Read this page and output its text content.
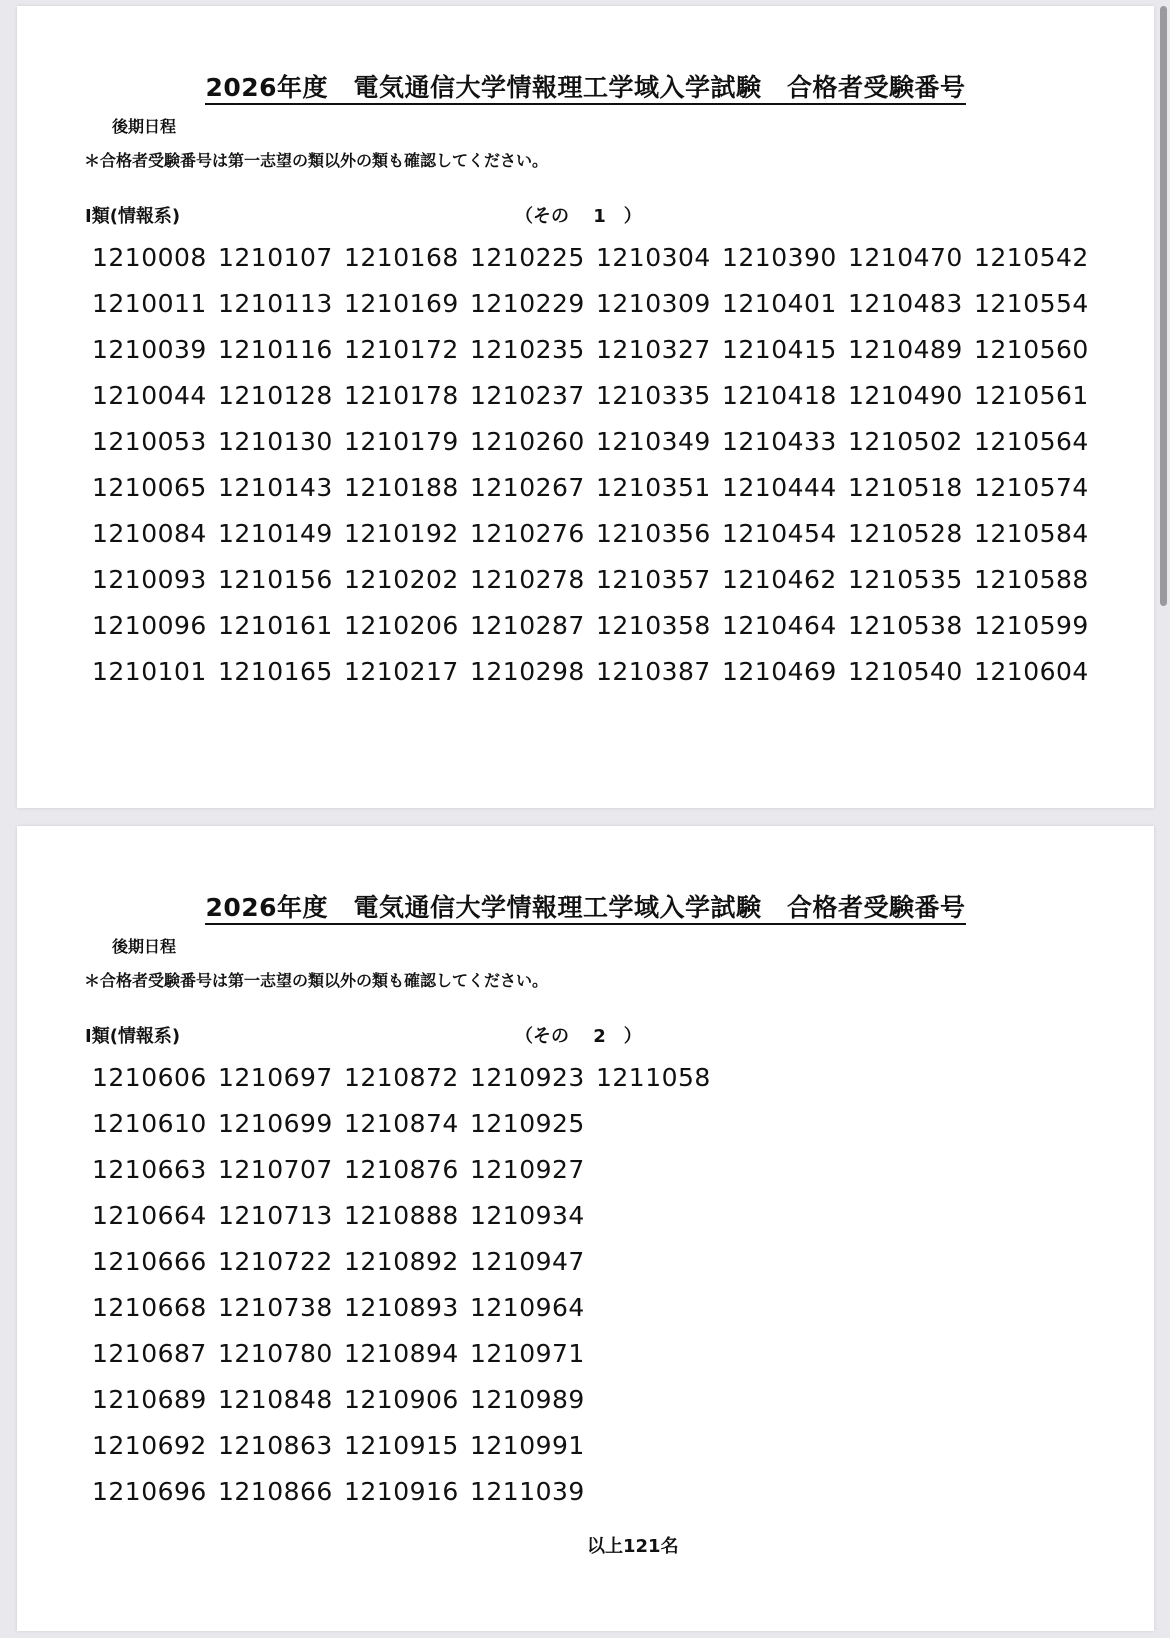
2026年度　電気通信大学情報理工学域入学試験　合格者受験番号
後期日程
＊合格者受験番号は第一志望の類以外の類も確認してください。
Ⅰ類(情報系)	（その　 1　）
1210008 1210107 1210168 1210225 1210304 1210390 1210470 1210542
1210011 1210113 1210169 1210229 1210309 1210401 1210483 1210554
1210039 1210116 1210172 1210235 1210327 1210415 1210489 1210560
1210044 1210128 1210178 1210237 1210335 1210418 1210490 1210561
1210053 1210130 1210179 1210260 1210349 1210433 1210502 1210564
1210065 1210143 1210188 1210267 1210351 1210444 1210518 1210574
1210084 1210149 1210192 1210276 1210356 1210454 1210528 1210584
1210093 1210156 1210202 1210278 1210357 1210462 1210535 1210588
1210096 1210161 1210206 1210287 1210358 1210464 1210538 1210599
1210101 1210165 1210217 1210298 1210387 1210469 1210540 1210604
2026年度　電気通信大学情報理工学域入学試験　合格者受験番号
後期日程
＊合格者受験番号は第一志望の類以外の類も確認してください。
Ⅰ類(情報系)	（その　 2　）
1210606 1210697 1210872 1210923 1211058
1210610 1210699 1210874 1210925
1210663 1210707 1210876 1210927
1210664 1210713 1210888 1210934
1210666 1210722 1210892 1210947
1210668 1210738 1210893 1210964
1210687 1210780 1210894 1210971
1210689 1210848 1210906 1210989
1210692 1210863 1210915 1210991
1210696 1210866 1210916 1211039
以上121名
